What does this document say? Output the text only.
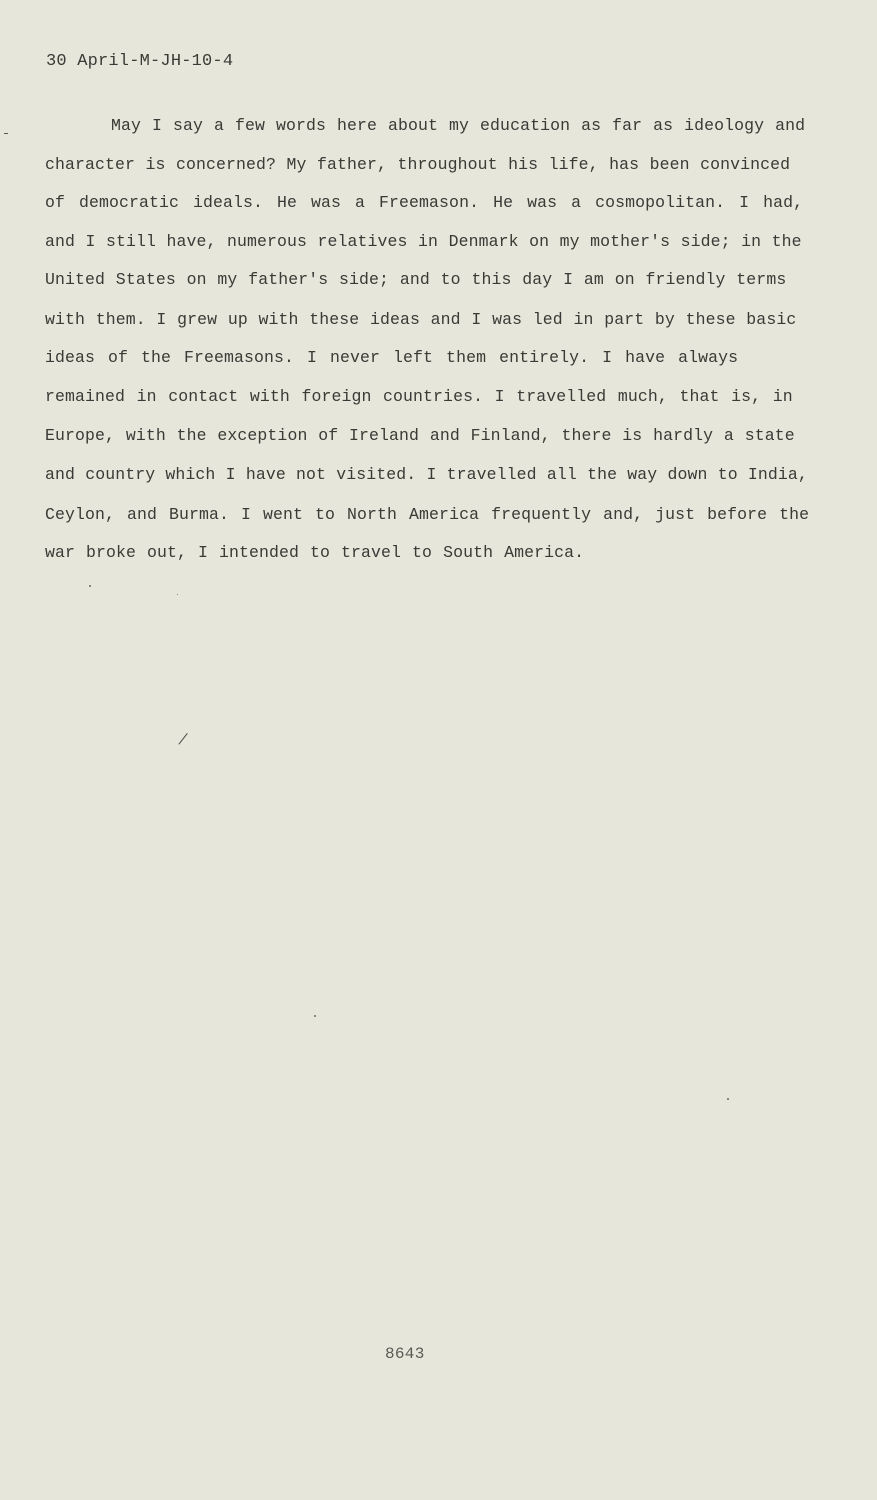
30 April-M-JH-10-4
May I say a few words here about my education as far as ideology and
character is concerned? My father, throughout his life, has been convinced
of democratic ideals. He was a Freemason. He was a cosmopolitan. I had,
and I still have, numerous relatives in Denmark on my mother's side; in the
United States on my father's side; and to this day I am on friendly terms
with them. I grew up with these ideas and I was led in part by these basic
ideas of the Freemasons. I never left them entirely. I have always
remained in contact with foreign countries. I travelled much, that is, in
Europe, with the exception of Ireland and Finland, there is hardly a state
and country which I have not visited. I travelled all the way down to India,
Ceylon, and Burma. I went to North America frequently and, just before the
war broke out, I intended to travel to South America.
8643
